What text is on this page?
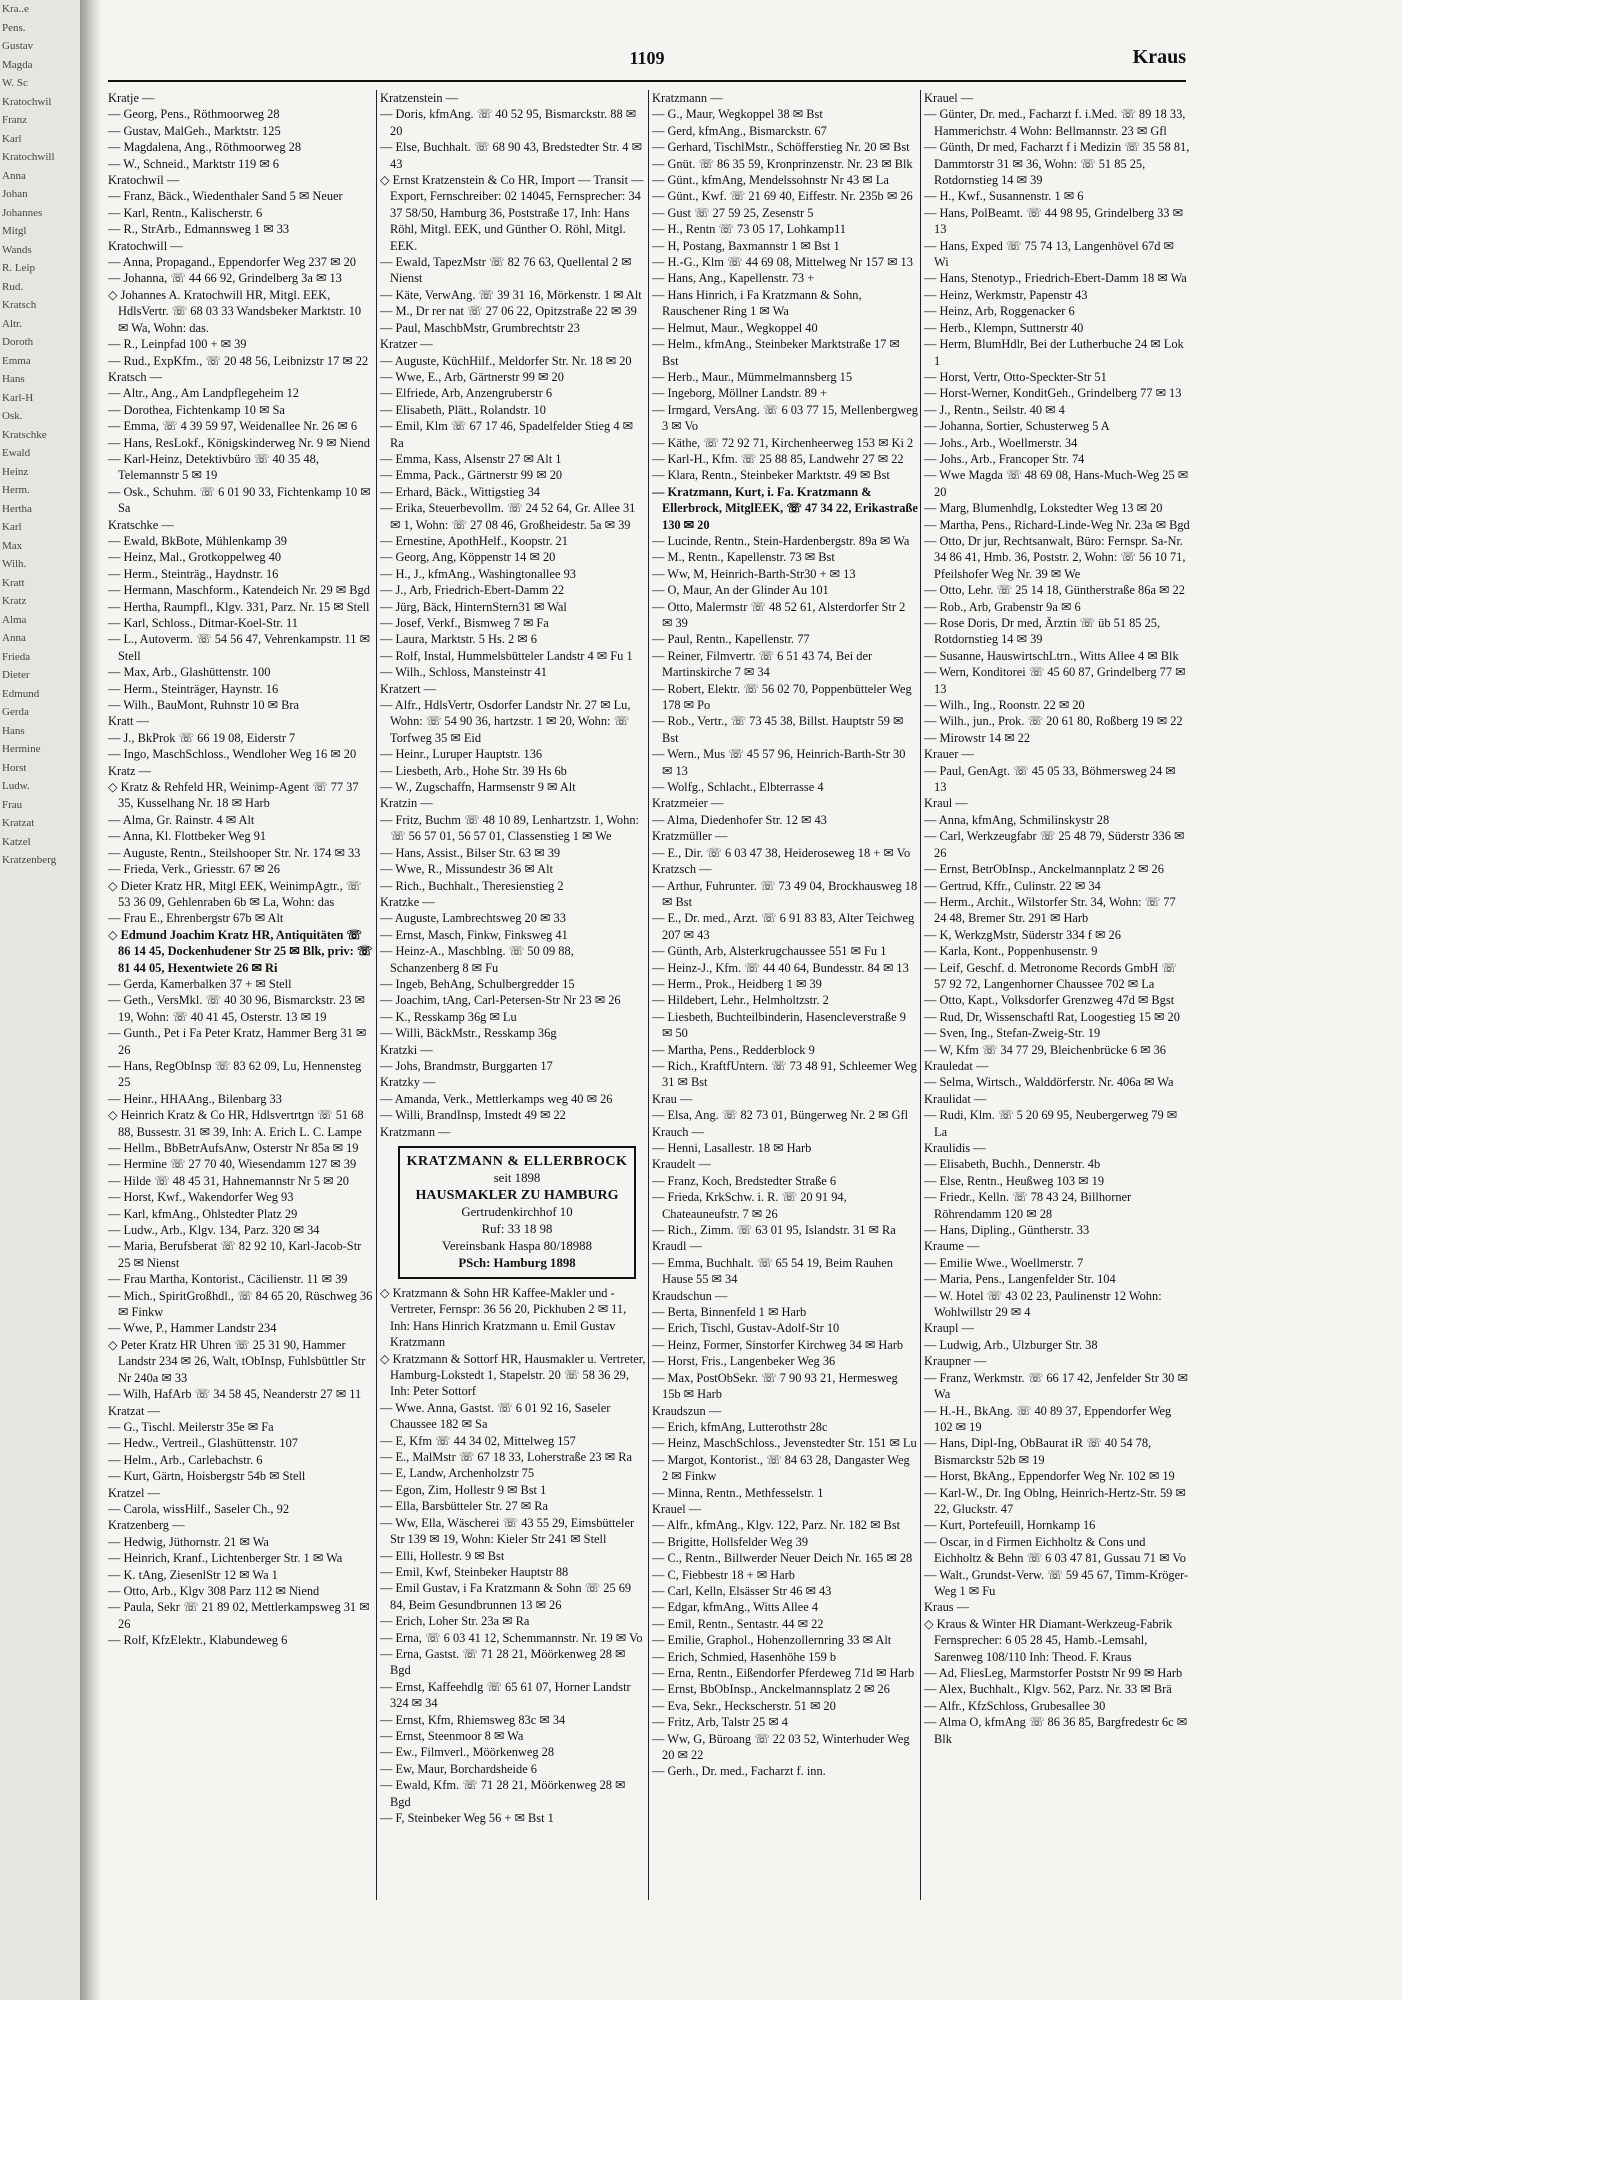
Kra..e
Pens.
Gustav
Magda
W. Sc
Kratochwil
Franz
Karl
Kratochwill
Anna
Johan
Johannes
Mitgl
Wands
R. Leip
Rud.
Kratsch
Altr.
Doroth
Emma
Hans
Karl-H
Osk.
Kratschke
Ewald
Heinz
Herm.
Hertha
Karl
Max
Wilh.
Kratt
Kratz
Alma
Anna
Frieda
Dieter
Edmund
Gerda
Hans
Hermine
Horst
Ludw.
Frau
Kratzat
Katzel
Kratzenberg
1109	Kraus
Kratje —
— Georg, Pens., Röthmoorweg 28
— Gustav, MalGeh., Marktstr. 125
— Magdalena, Ang., Röthmoorweg 28
— W., Schneid., Marktstr 119 ✉ 6
Kratochwil —
— Franz, Bäck., Wiedenthaler Sand 5 ✉ Neuer
— Karl, Rentn., Kalischerstr. 6
— R., StrArb., Edmannsweg 1 ✉ 33
Kratochwill —
— Anna, Propagand., Eppendorfer Weg 237 ✉ 20
— Johanna, ☏ 44 66 92, Grindelberg 3a ✉ 13
◇ Johannes A. Kratochwill HR, Mitgl. EEK, HdlsVertr. ☏ 68 03 33 Wandsbeker Marktstr. 10 ✉ Wa, Wohn: das.
— R., Leinpfad 100 + ✉ 39
— Rud., ExpKfm., ☏ 20 48 56, Leibnizstr 17 ✉ 22
Kratsch —
— Altr., Ang., Am Landpflegeheim 12
— Dorothea, Fichtenkamp 10 ✉ Sa
— Emma, ☏ 4 39 59 97, Weidenallee Nr. 26 ✉ 6
— Hans, ResLokf., Königskinderweg Nr. 9 ✉ Niend
— Karl-Heinz, Detektivbüro ☏ 40 35 48, Telemannstr 5 ✉ 19
— Osk., Schuhm. ☏ 6 01 90 33, Fichtenkamp 10 ✉ Sa
Kratschke —
— Ewald, BkBote, Mühlenkamp 39
— Heinz, Mal., Grotkoppelweg 40
— Herm., Steinträg., Haydnstr. 16
— Hermann, Maschform., Katendeich Nr. 29 ✉ Bgd
— Hertha, Raumpfl., Klgv. 331, Parz. Nr. 15 ✉ Stell
— Karl, Schloss., Ditmar-Koel-Str. 11
— L., Autoverm. ☏ 54 56 47, Vehrenkampstr. 11 ✉ Stell
— Max, Arb., Glashüttenstr. 100
— Herm., Steinträger, Haynstr. 16
— Wilh., BauMont, Ruhnstr 10 ✉ Bra
Kratt —
— J., BkProk ☏ 66 19 08, Eiderstr 7
— Ingo, MaschSchloss., Wendloher Weg 16 ✉ 20
Kratz —
◇ Kratz & Rehfeld HR, Weinimp-Agent ☏ 77 37 35, Kusselhang Nr. 18 ✉ Harb
— Alma, Gr. Rainstr. 4 ✉ Alt
— Anna, Kl. Flottbeker Weg 91
— Auguste, Rentn., Steilshooper Str. Nr. 174 ✉ 33
— Frieda, Verk., Griesstr. 67 ✉ 26
◇ Dieter Kratz HR, Mitgl EEK, WeinimpAgtr., ☏ 53 36 09, Gehlenraben 6b ✉ La, Wohn: das
— Frau E., Ehrenbergstr 67b ✉ Alt
◇ Edmund Joachim Kratz HR, Antiquitäten ☏ 86 14 45, Dockenhudener Str 25 ✉ Blk, priv: ☏ 81 44 05, Hexentwiete 26 ✉ Ri
— Gerda, Kamerbalken 37 + ✉ Stell
— Geth., VersMkl. ☏ 40 30 96, Bismarckstr. 23 ✉ 19, Wohn: ☏ 40 41 45, Osterstr. 13 ✉ 19
— Gunth., Pet i Fa Peter Kratz, Hammer Berg 31 ✉ 26
— Hans, RegObInsp ☏ 83 62 09, Lu, Hennensteg 25
— Heinr., HHAAng., Bilenbarg 33
◇ Heinrich Kratz & Co HR, Hdlsvertrtgn ☏ 51 68 88, Bussestr. 31 ✉ 39, Inh: A. Erich L. C. Lampe
— Hellm., BbBetrAufsAnw, Osterstr Nr 85a ✉ 19
— Hermine ☏ 27 70 40, Wiesendamm 127 ✉ 39
— Hilde ☏ 48 45 31, Hahnemannstr Nr 5 ✉ 20
— Horst, Kwf., Wakendorfer Weg 93
— Karl, kfmAng., Ohlstedter Platz 29
— Ludw., Arb., Klgv. 134, Parz. 320 ✉ 34
— Maria, Berufsberat ☏ 82 92 10, Karl-Jacob-Str 25 ✉ Nienst
— Frau Martha, Kontorist., Cäcilienstr. 11 ✉ 39
— Mich., SpiritGroßhdl., ☏ 84 65 20, Rüschweg 36 ✉ Finkw
— Wwe, P., Hammer Landstr 234
◇ Peter Kratz HR Uhren ☏ 25 31 90, Hammer Landstr 234 ✉ 26, Walt, tObInsp, Fuhlsbüttler Str Nr 240a ✉ 33
— Wilh, HafArb ☏ 34 58 45, Neanderstr 27 ✉ 11
Kratzat —
— G., Tischl. Meilerstr 35e ✉ Fa
— Hedw., Vertreil., Glashüttenstr. 107
— Helm., Arb., Carlebachstr. 6
— Kurt, Gärtn, Hoisbergstr 54b ✉ Stell
Kratzel —
— Carola, wissHilf., Saseler Ch., 92
Kratzenberg —
— Hedwig, Jüthornstr. 21 ✉ Wa
— Heinrich, Kranf., Lichtenberger Str. 1 ✉ Wa
— K. tAng, ZiesenlStr 12 ✉ Wa 1
— Otto, Arb., Klgv 308 Parz 112 ✉ Niend
— Paula, Sekr ☏ 21 89 02, Mettlerkampsweg 31 ✉ 26
— Rolf, KfzElektr., Klabundeweg 6
Kratzenstein —
— Doris, kfmAng. ☏ 40 52 95, Bismarckstr. 88 ✉ 20
— Else, Buchhalt. ☏ 68 90 43, Bredstedter Str. 4 ✉ 43
◇ Ernst Kratzenstein & Co HR, Import — Transit — Export, Fernschreiber: 02 14045, Fernsprecher: 34 37 58/50, Hamburg 36, Poststraße 17, Inh: Hans Röhl, Mitgl. EEK, und Günther O. Röhl, Mitgl. EEK.
— Ewald, TapezMstr ☏ 82 76 63, Quellental 2 ✉ Nienst
— Käte, VerwAng. ☏ 39 31 16, Mörkenstr. 1 ✉ Alt
— M., Dr rer nat ☏ 27 06 22, Opitzstraße 22 ✉ 39
— Paul, MaschbMstr, Grumbrechtstr 23
Kratzer —
— Auguste, KüchHilf., Meldorfer Str. Nr. 18 ✉ 20
— Wwe, E., Arb, Gärtnerstr 99 ✉ 20
— Elfriede, Arb, Anzengruberstr 6
— Elisabeth, Plätt., Rolandstr. 10
— Emil, Klm ☏ 67 17 46, Spadelfelder Stieg 4 ✉ Ra
— Emma, Kass, Alsenstr 27 ✉ Alt 1
— Emma, Pack., Gärtnerstr 99 ✉ 20
— Erhard, Bäck., Wittigstieg 34
— Erika, Steuerbevollm. ☏ 24 52 64, Gr. Allee 31 ✉ 1, Wohn: ☏ 27 08 46, Großheidestr. 5a ✉ 39
— Ernestine, ApothHelf., Koopstr. 21
— Georg, Ang, Köppenstr 14 ✉ 20
— H., J., kfmAng., Washingtonallee 93
— J., Arb, Friedrich-Ebert-Damm 22
— Jürg, Bäck, HinternStern31 ✉ Wal
— Josef, Verkf., Bismweg 7 ✉ Fa
— Laura, Marktstr. 5 Hs. 2 ✉ 6
— Rolf, Instal, Hummelsbütteler Landstr 4 ✉ Fu 1
— Wilh., Schloss, Mansteinstr 41
Kratzert —
— Alfr., HdlsVertr, Osdorfer Landstr Nr. 27 ✉ Lu, Wohn: ☏ 54 90 36, hartzstr. 1 ✉ 20, Wohn: ☏ Torfweg 35 ✉ Eid
— Heinr., Luruper Hauptstr. 136
— Liesbeth, Arb., Hohe Str. 39 Hs 6b
— W., Zugschaffn, Harmsenstr 9 ✉ Alt
Kratzin —
— Fritz, Buchm ☏ 48 10 89, Lenhartzstr. 1, Wohn: ☏ 56 57 01, 56 57 01, Classenstieg 1 ✉ We
— Hans, Assist., Bilser Str. 63 ✉ 39
— Wwe, R., Missundestr 36 ✉ Alt
— Rich., Buchhalt., Theresienstieg 2
Kratzke —
— Auguste, Lambrechtsweg 20 ✉ 33
— Ernst, Masch, Finkw, Finksweg 41
— Heinz-A., Maschblng. ☏ 50 09 88, Schanzenberg 8 ✉ Fu
— Ingeb, BehAng, Schulbergredder 15
— Joachim, tAng, Carl-Petersen-Str Nr 23 ✉ 26
— K., Resskamp 36g ✉ Lu
— Willi, BäckMstr., Resskamp 36g
Kratzki —
— Johs, Brandmstr, Burggarten 17
Kratzky —
— Amanda, Verk., Mettlerkamps weg 40 ✉ 26
— Willi, BrandInsp, Imstedt 49 ✉ 22
Kratzmann —
KRATZMANN & ELLERBROCK
seit 1898
HAUSMAKLER ZU HAMBURG
Gertrudenkirchhof 10
Ruf: 33 18 98
Vereinsbank Haspa 80/18988
PSch: Hamburg 1898
◇ Kratzmann & Sohn HR Kaffee-Makler und -Vertreter, Fernspr: 36 56 20, Pickhuben 2 ✉ 11, Inh: Hans Hinrich Kratzmann u. Emil Gustav Kratzmann
◇ Kratzmann & Sottorf HR, Hausmakler u. Vertreter, Hamburg-Lokstedt 1, Stapelstr. 20 ☏ 58 36 29, Inh: Peter Sottorf
— Wwe. Anna, Gastst. ☏ 6 01 92 16, Saseler Chaussee 182 ✉ Sa
— E, Kfm ☏ 44 34 02, Mittelweg 157
— E., MalMstr ☏ 67 18 33, Loherstraße 23 ✉ Ra
— E, Landw, Archenholzstr 75
— Egon, Zim, Hollestr 9 ✉ Bst 1
— Ella, Barsbütteler Str. 27 ✉ Ra
— Ww, Ella, Wäscherei ☏ 43 55 29, Eimsbütteler Str 139 ✉ 19, Wohn: Kieler Str 241 ✉ Stell
— Elli, Hollestr. 9 ✉ Bst
— Emil, Kwf, Steinbeker Hauptstr 88
— Emil Gustav, i Fa Kratzmann & Sohn ☏ 25 69 84, Beim Gesundbrunnen 13 ✉ 26
— Erich, Loher Str. 23a ✉ Ra
— Erna, ☏ 6 03 41 12, Schemmannstr. Nr. 19 ✉ Vo
— Erna, Gastst. ☏ 71 28 21, Möörkenweg 28 ✉ Bgd
— Ernst, Kaffeehdlg ☏ 65 61 07, Horner Landstr 324 ✉ 34
— Ernst, Kfm, Rhiemsweg 83c ✉ 34
— Ernst, Steenmoor 8 ✉ Wa
— Ew., Filmverl., Möörkenweg 28
— Ew, Maur, Borchardsheide 6
— Ewald, Kfm. ☏ 71 28 21, Möörkenweg 28 ✉ Bgd
— F, Steinbeker Weg 56 + ✉ Bst 1
Kratzmann —
— G., Maur, Wegkoppel 38 ✉ Bst
— Gerd, kfmAng., Bismarckstr. 67
— Gerhard, TischlMstr., Schöfferstieg Nr. 20 ✉ Bst
— Gnüt. ☏ 86 35 59, Kronprinzenstr. Nr. 23 ✉ Blk
— Günt., kfmAng, Mendelssohnstr Nr 43 ✉ La
— Günt., Kwf. ☏ 21 69 40, Eiffestr. Nr. 235b ✉ 26
— Gust ☏ 27 59 25, Zesenstr 5
— H., Rentn ☏ 73 05 17, Lohkamp11
— H, Postang, Baxmannstr 1 ✉ Bst 1
— H.-G., Klm ☏ 44 69 08, Mittelweg Nr 157 ✉ 13
— Hans, Ang., Kapellenstr. 73 +
— Hans Hinrich, i Fa Kratzmann & Sohn, Rauschener Ring 1 ✉ Wa
— Helmut, Maur., Wegkoppel 40
— Helm., kfmAng., Steinbeker Marktstraße 17 ✉ Bst
— Herb., Maur., Mümmelmannsberg 15
— Ingeborg, Möllner Landstr. 89 +
— Irmgard, VersAng. ☏ 6 03 77 15, Mellenbergweg 3 ✉ Vo
— Käthe, ☏ 72 92 71, Kirchenheerweg 153 ✉ Ki 2
— Karl-H., Kfm. ☏ 25 88 85, Landwehr 27 ✉ 22
— Klara, Rentn., Steinbeker Marktstr. 49 ✉ Bst
— Kratzmann, Kurt, i. Fa. Kratzmann & Ellerbrock, MitglEEK, ☏ 47 34 22, Erikastraße 130 ✉ 20
— Lucinde, Rentn., Stein-Hardenbergstr. 89a ✉ Wa
— M., Rentn., Kapellenstr. 73 ✉ Bst
— Ww, M, Heinrich-Barth-Str30 + ✉ 13
— O, Maur, An der Glinder Au 101
— Otto, Malermstr ☏ 48 52 61, Alsterdorfer Str 2 ✉ 39
— Paul, Rentn., Kapellenstr. 77
— Reiner, Filmvertr. ☏ 6 51 43 74, Bei der Martinskirche 7 ✉ 34
— Robert, Elektr. ☏ 56 02 70, Poppenbütteler Weg 178 ✉ Po
— Rob., Vertr., ☏ 73 45 38, Billst. Hauptstr 59 ✉ Bst
— Wern., Mus ☏ 45 57 96, Heinrich-Barth-Str 30 ✉ 13
— Wolfg., Schlacht., Elbterrasse 4
Kratzmeier —
— Alma, Diedenhofer Str. 12 ✉ 43
Kratzmüller —
— E., Dir. ☏ 6 03 47 38, Heideroseweg 18 + ✉ Vo
Kratzsch —
— Arthur, Fuhrunter. ☏ 73 49 04, Brockhausweg 18 ✉ Bst
— E., Dr. med., Arzt. ☏ 6 91 83 83, Alter Teichweg 207 ✉ 43
— Günth, Arb, Alsterkrugchaussee 551 ✉ Fu 1
— Heinz-J., Kfm. ☏ 44 40 64, Bundesstr. 84 ✉ 13
— Herm., Prok., Heidberg 1 ✉ 39
— Hildebert, Lehr., Helmholtzstr. 2
— Liesbeth, Buchteilbinderin, Hasencleverstraße 9 ✉ 50
— Martha, Pens., Redderblock 9
— Rich., KraftfUntern. ☏ 73 48 91, Schleemer Weg 31 ✉ Bst
Krau —
— Elsa, Ang. ☏ 82 73 01, Büngerweg Nr. 2 ✉ Gfl
Krauch —
— Henni, Lasallestr. 18 ✉ Harb
Kraudelt —
— Franz, Koch, Bredstedter Straße 6
— Frieda, KrkSchw. i. R. ☏ 20 91 94, Chateauneufstr. 7 ✉ 26
— Rich., Zimm. ☏ 63 01 95, Islandstr. 31 ✉ Ra
Kraudl —
— Emma, Buchhalt. ☏ 65 54 19, Beim Rauhen Hause 55 ✉ 34
Kraudschun —
— Berta, Binnenfeld 1 ✉ Harb
— Erich, Tischl, Gustav-Adolf-Str 10
— Heinz, Former, Sinstorfer Kirchweg 34 ✉ Harb
— Horst, Fris., Langenbeker Weg 36
— Max, PostObSekr. ☏ 7 90 93 21, Hermesweg 15b ✉ Harb
Kraudszun —
— Erich, kfmAng, Lutterothstr 28c
— Heinz, MaschSchloss., Jevenstedter Str. 151 ✉ Lu
— Margot, Kontorist., ☏ 84 63 28, Dangaster Weg 2 ✉ Finkw
— Minna, Rentn., Methfesselstr. 1
Krauel —
— Alfr., kfmAng., Klgv. 122, Parz. Nr. 182 ✉ Bst
— Brigitte, Hollsfelder Weg 39
— C., Rentn., Billwerder Neuer Deich Nr. 165 ✉ 28
— C, Fiebbestr 18 + ✉ Harb
— Carl, Kelln, Elsässer Str 46 ✉ 43
— Edgar, kfmAng., Witts Allee 4
— Emil, Rentn., Sentastr. 44 ✉ 22
— Emilie, Graphol., Hohenzollernring 33 ✉ Alt
— Erich, Schmied, Hasenhöhe 159 b
— Erna, Rentn., Eißendorfer Pferdeweg 71d ✉ Harb
— Ernst, BbObInsp., Anckelmannsplatz 2 ✉ 26
— Eva, Sekr., Heckscherstr. 51 ✉ 20
— Fritz, Arb, Talstr 25 ✉ 4
— Ww, G, Büroang ☏ 22 03 52, Winterhuder Weg 20 ✉ 22
— Gerh., Dr. med., Facharzt f. inn.
Krauel —
— Günter, Dr. med., Facharzt f. i.Med. ☏ 89 18 33, Hammerichstr. 4 Wohn: Bellmannstr. 23 ✉ Gfl
— Günth, Dr med, Facharzt f i Medizin ☏ 35 58 81, Dammtorstr 31 ✉ 36, Wohn: ☏ 51 85 25, Rotdornstieg 14 ✉ 39
— H., Kwf., Susannenstr. 1 ✉ 6
— Hans, PolBeamt. ☏ 44 98 95, Grindelberg 33 ✉ 13
— Hans, Exped ☏ 75 74 13, Langenhövel 67d ✉ Wi
— Hans, Stenotyp., Friedrich-Ebert-Damm 18 ✉ Wa
— Heinz, Werkmstr, Papenstr 43
— Heinz, Arb, Roggenacker 6
— Herb., Klempn, Suttnerstr 40
— Herm, BlumHdlr, Bei der Lutherbuche 24 ✉ Lok 1
— Horst, Vertr, Otto-Speckter-Str 51
— Horst-Werner, KonditGeh., Grindelberg 77 ✉ 13
— J., Rentn., Seilstr. 40 ✉ 4
— Johanna, Sortier, Schusterweg 5 A
— Johs., Arb., Woellmerstr. 34
— Johs., Arb., Francoper Str. 74
— Wwe Magda ☏ 48 69 08, Hans-Much-Weg 25 ✉ 20
— Marg, Blumenhdlg, Lokstedter Weg 13 ✉ 20
— Martha, Pens., Richard-Linde-Weg Nr. 23a ✉ Bgd
— Otto, Dr jur, Rechtsanwalt, Büro: Fernspr. Sa-Nr. 34 86 41, Hmb. 36, Poststr. 2, Wohn: ☏ 56 10 71, Pfeilshofer Weg Nr. 39 ✉ We
— Otto, Lehr. ☏ 25 14 18, Güntherstraße 86a ✉ 22
— Rob., Arb, Grabenstr 9a ✉ 6
— Rose Doris, Dr med, Ärztin ☏ üb 51 85 25, Rotdornstieg 14 ✉ 39
— Susanne, HauswirtschLtrn., Witts Allee 4 ✉ Blk
— Wern, Konditorei ☏ 45 60 87, Grindelberg 77 ✉ 13
— Wilh., Ing., Roonstr. 22 ✉ 20
— Wilh., jun., Prok. ☏ 20 61 80, Roßberg 19 ✉ 22
— Mirowstr 14 ✉ 22
Krauer —
— Paul, GenAgt. ☏ 45 05 33, Böhmersweg 24 ✉ 13
Kraul —
— Anna, kfmAng, Schmilinskystr 28
— Carl, Werkzeugfabr ☏ 25 48 79, Süderstr 336 ✉ 26
— Ernst, BetrObInsp., Anckelmannplatz 2 ✉ 26
— Gertrud, Kffr., Culinstr. 22 ✉ 34
— Herm., Archit., Wilstorfer Str. 34, Wohn: ☏ 77 24 48, Bremer Str. 291 ✉ Harb
— K, WerkzgMstr, Süderstr 334 f ✉ 26
— Karla, Kont., Poppenhusenstr. 9
— Leif, Geschf. d. Metronome Records GmbH ☏ 57 92 72, Langenhorner Chaussee 702 ✉ La
— Otto, Kapt., Volksdorfer Grenzweg 47d ✉ Bgst
— Rud, Dr, Wissenschaftl Rat, Loogestieg 15 ✉ 20
— Sven, Ing., Stefan-Zweig-Str. 19
— W, Kfm ☏ 34 77 29, Bleichenbrücke 6 ✉ 36
Krauledat —
— Selma, Wirtsch., Walddörferstr. Nr. 406a ✉ Wa
Kraulidat —
— Rudi, Klm. ☏ 5 20 69 95, Neubergerweg 79 ✉ La
Kraulidis —
— Elisabeth, Buchh., Dennerstr. 4b
— Else, Rentn., Heußweg 103 ✉ 19
— Friedr., Kelln. ☏ 78 43 24, Billhorner Röhrendamm 120 ✉ 28
— Hans, Dipling., Güntherstr. 33
Kraume —
— Emilie Wwe., Woellmerstr. 7
— Maria, Pens., Langenfelder Str. 104
— W. Hotel ☏ 43 02 23, Paulinenstr 12 Wohn: Wohlwillstr 29 ✉ 4
Kraupl —
— Ludwig, Arb., Ulzburger Str. 38
Kraupner —
— Franz, Werkmstr. ☏ 66 17 42, Jenfelder Str 30 ✉ Wa
— H.-H., BkAng. ☏ 40 89 37, Eppendorfer Weg 102 ✉ 19
— Hans, Dipl-Ing, ObBaurat iR ☏ 40 54 78, Bismarckstr 52b ✉ 19
— Horst, BkAng., Eppendorfer Weg Nr. 102 ✉ 19
— Karl-W., Dr. Ing Oblng, Heinrich-Hertz-Str. 59 ✉ 22, Gluckstr. 47
— Kurt, Portefeuill, Hornkamp 16
— Oscar, in d Firmen Eichholtz & Cons und Eichholtz & Behn ☏ 6 03 47 81, Gussau 71 ✉ Vo
— Walt., Grundst-Verw. ☏ 59 45 67, Timm-Kröger-Weg 1 ✉ Fu
Kraus —
◇ Kraus & Winter HR Diamant-Werkzeug-Fabrik Fernsprecher: 6 05 28 45, Hamb.-Lemsahl, Sarenweg 108/110 Inh: Theod. F. Kraus
— Ad, FliesLeg, Marmstorfer Poststr Nr 99 ✉ Harb
— Alex, Buchhalt., Klgv. 562, Parz. Nr. 33 ✉ Brä
— Alfr., KfzSchloss, Grubesallee 30
— Alma O, kfmAng ☏ 86 36 85, Bargfredestr 6c ✉ Blk
